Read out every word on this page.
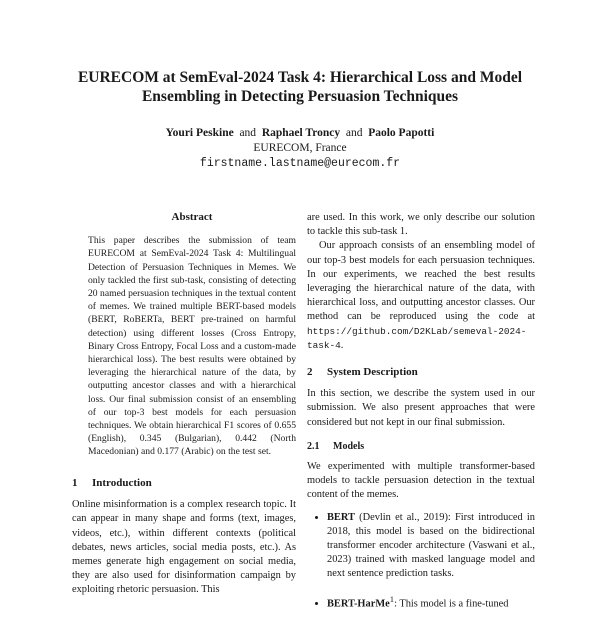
EURECOM at SemEval-2024 Task 4: Hierarchical Loss and Model
Ensembling in Detecting Persuasion Techniques
Youri Peskine and Raphael Troncy and Paolo Papotti
EURECOM, France
firstname.lastname@eurecom.fr
Abstract

This paper describes the submission of team EURECOM at SemEval-2024 Task 4: Multilingual Detection of Persuasion Techniques in Memes. We only tackled the first sub-task, consisting of detecting 20 named persuasion techniques in the textual content of memes. We trained multiple BERT-based models (BERT, RoBERTa, BERT pre-trained on harmful detection) using different losses (Cross Entropy, Binary Cross Entropy, Focal Loss and a custom-made hierarchical loss). The best results were obtained by leveraging the hierarchical nature of the data, by outputting ancestor classes and with a hierarchical loss. Our final submission consist of an ensembling of our top-3 best models for each persuasion techniques. We obtain hierarchical F1 scores of 0.655 (English), 0.345 (Bulgarian), 0.442 (North Macedonian) and 0.177 (Arabic) on the test set.

1 Introduction

Online misinformation is a complex research topic. It can appear in many shape and forms (text, images, videos, etc.), within different contexts (political debates, news articles, social media posts, etc.). As memes generate high engagement on social media, they are also used for disinformation campaign by exploiting rhetoric persuasion. This

are used. In this work, we only describe our solution to tackle this sub-task 1.

Our approach consists of an ensembling model of our top-3 best models for each persuasion techniques. In our experiments, we reached the best results leveraging the hierarchical nature of the data, with hierarchical loss, and outputting ancestor classes. Our method can be reproduced using the code at https://github.com/D2KLab/semeval-2024-task-4.

2 System Description

In this section, we describe the system used in our submission. We also present approaches that were considered but not kept in our final submission.

2.1 Models

We experimented with multiple transformer-based models to tackle persuasion detection in the textual content of the memes.

• BERT (Devlin et al., 2019): First introduced in 2018, this model is based on the bidirectional transformer encoder architecture (Vaswani et al., 2023) trained with masked language model and next sentence prediction tasks.
• BERT-HarMe$^1$: This model is a fine-tuned
